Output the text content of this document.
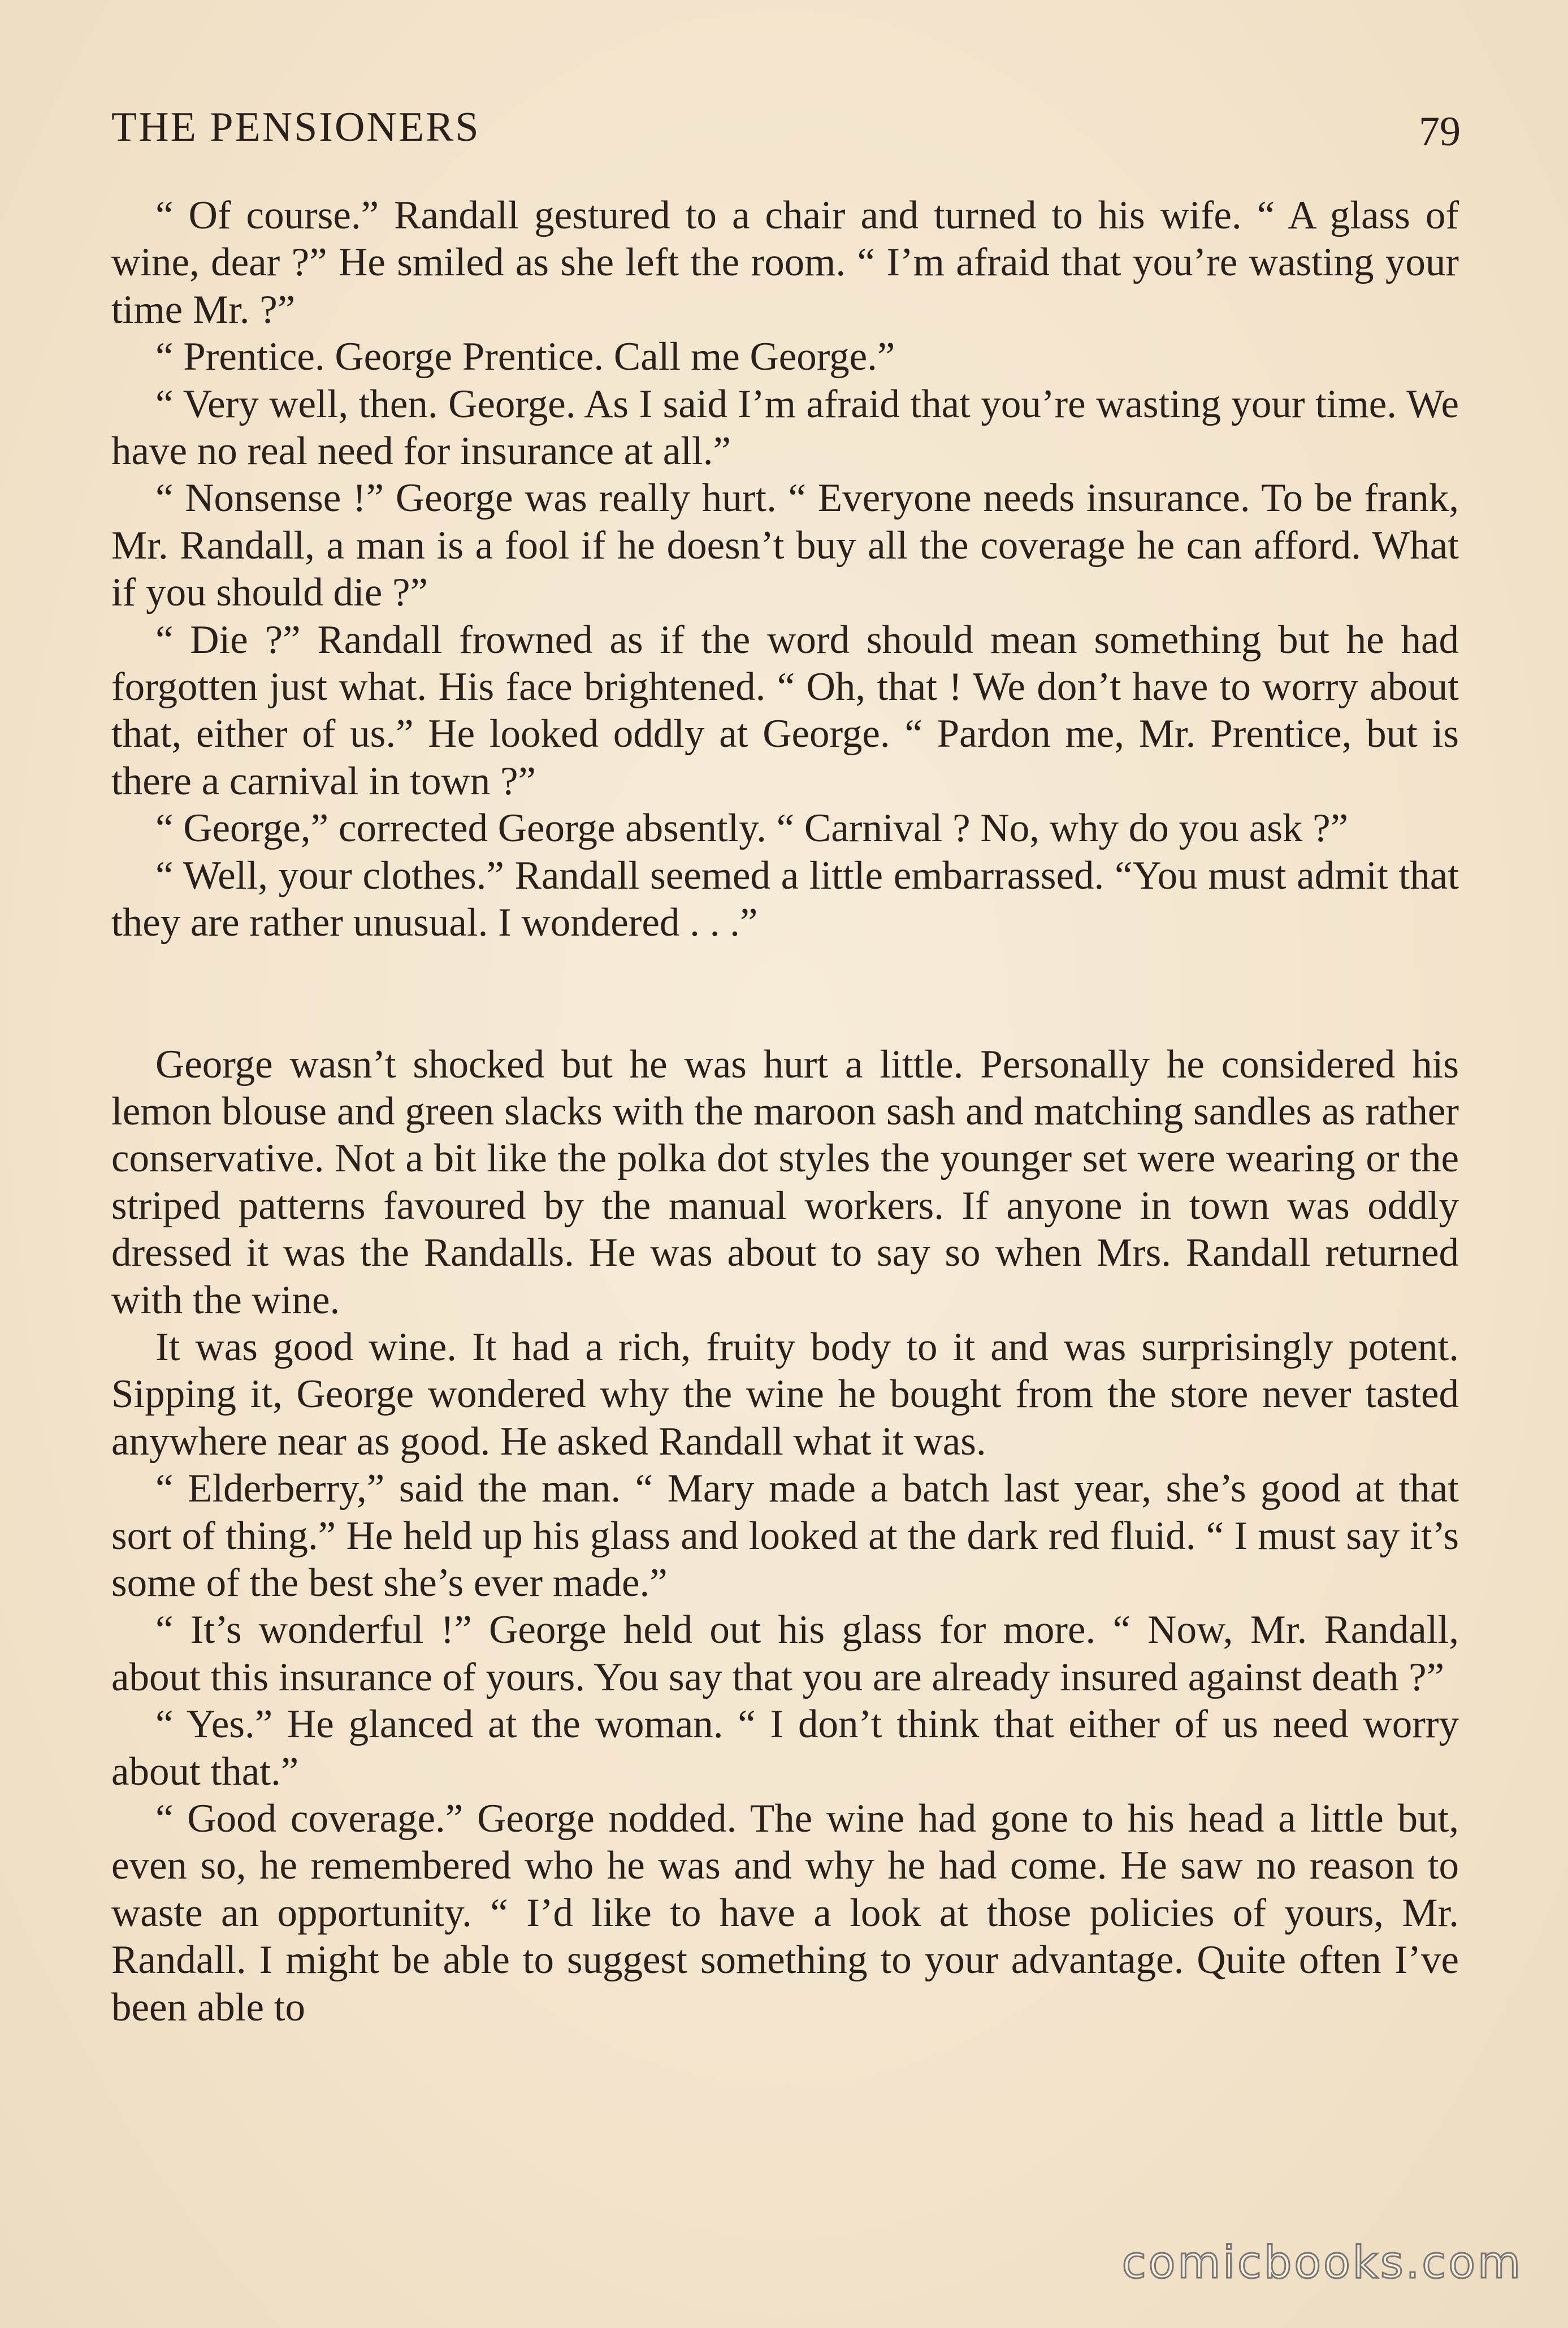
THE PENSIONERS	79

“ Of course.” Randall gestured to a chair and turned to his wife. “ A glass of wine, dear ?” He smiled as she left the room. “ I’m afraid that you’re wasting your time Mr. ?”

“ Prentice. George Prentice. Call me George.”

“ Very well, then. George. As I said I’m afraid that you’re wasting your time. We have no real need for insurance at all.”

“ Nonsense !” George was really hurt. “ Everyone needs insurance. To be frank, Mr. Randall, a man is a fool if he doesn’t buy all the coverage he can afford. What if you should die ?”

“ Die ?” Randall frowned as if the word should mean something but he had forgotten just what. His face brightened. “ Oh, that ! We don’t have to worry about that, either of us.” He looked oddly at George. “ Pardon me, Mr. Prentice, but is there a carnival in town ?”

“ George,” corrected George absently. “ Carnival ? No, why do you ask ?”

“ Well, your clothes.” Randall seemed a little embarrassed. “You must admit that they are rather unusual. I wondered . . .”

George wasn’t shocked but he was hurt a little. Personally he considered his lemon blouse and green slacks with the maroon sash and matching sandles as rather conservative. Not a bit like the polka dot styles the younger set were wearing or the striped patterns favoured by the manual workers. If anyone in town was oddly dressed it was the Randalls. He was about to say so when Mrs. Randall returned with the wine.

It was good wine. It had a rich, fruity body to it and was surprisingly potent. Sipping it, George wondered why the wine he bought from the store never tasted anywhere near as good. He asked Randall what it was.

“ Elderberry,” said the man. “ Mary made a batch last year, she’s good at that sort of thing.” He held up his glass and looked at the dark red fluid. “ I must say it’s some of the best she’s ever made.”

“ It’s wonderful !” George held out his glass for more. “ Now, Mr. Randall, about this insurance of yours. You say that you are already insured against death ?”

“ Yes.” He glanced at the woman. “ I don’t think that either of us need worry about that.”

“ Good coverage.” George nodded. The wine had gone to his head a little but, even so, he remembered who he was and why he had come. He saw no reason to waste an opportunity. “ I’d like to have a look at those policies of yours, Mr. Randall. I might be able to suggest something to your advantage. Quite often I’ve been able to

comicbooks.com
